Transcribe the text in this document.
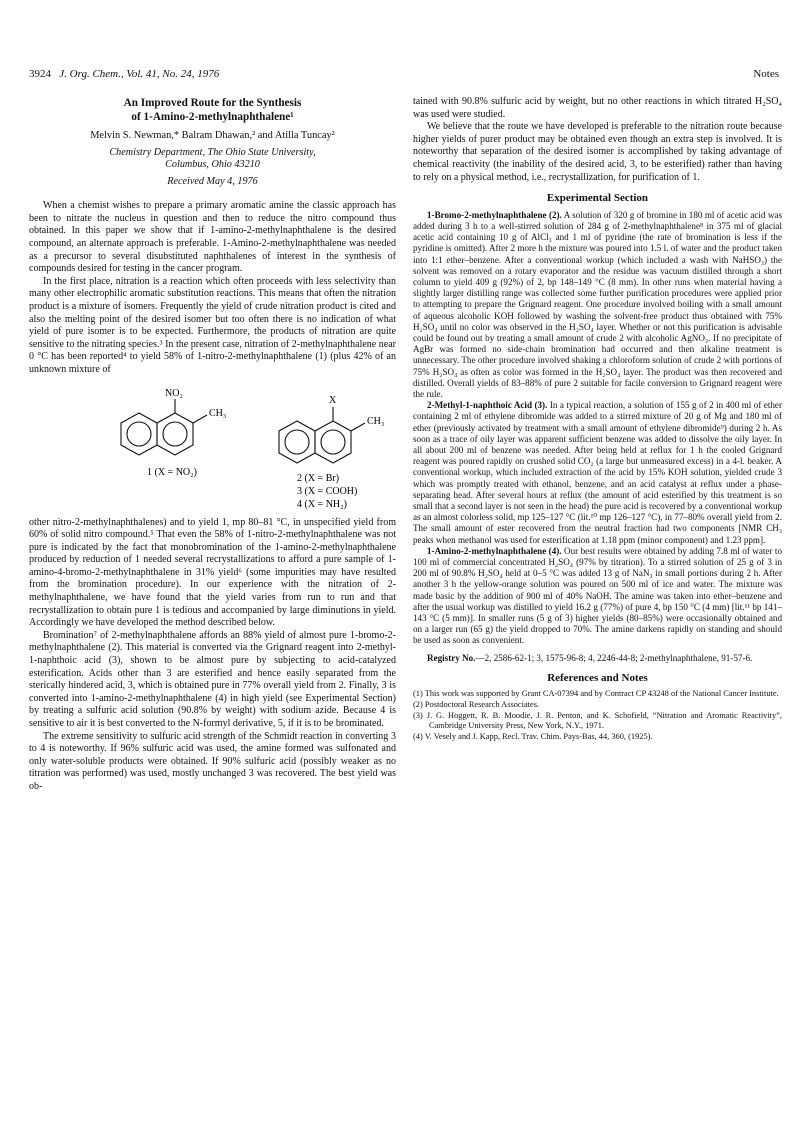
3924 J. Org. Chem., Vol. 41, No. 24, 1976	Notes
An Improved Route for the Synthesis
of 1-Amino-2-methylnaphthalene¹
Melvin S. Newman,* Balram Dhawan,² and Atilla Tuncay²
Chemistry Department, The Ohio State University,
Columbus, Ohio 43210
Received May 4, 1976

When a chemist wishes to prepare a primary aromatic amine the classic approach has been to nitrate the nucleus in question and then to reduce the nitro compound thus obtained. In this paper we show that if 1-amino-2-methylnaphthalene is the desired compound, an alternate approach is preferable. 1-Amino-2-methylnaphthalene was needed as a precursor to several disubstituted naphthalenes of interest in the synthesis of compounds desired for testing in the cancer program.

In the first place, nitration is a reaction which often proceeds with less selectivity than many other electrophilic aromatic substitution reactions. This means that often the nitration product is a mixture of isomers. Frequently the yield of crude nitration product is cited and also the melting point of the desired isomer but too often there is no indication of what yield of pure isomer is to be expected. Furthermore, the products of nitration are quite sensitive to the nitrating species.³ In the present case, nitration of 2-methylnaphthalene near 0 °C has been reported⁴ to yield 58% of 1-nitro-2-methylnaphthalene (1) (plus 42% of an unknown mixture of

NO₂
CH₃
1 (X = NO₂)
X
CH₃
2 (X = Br)
3 (X = COOH)
4 (X = NH₂)

other nitro-2-methylnaphthalenes) and to yield 1, mp 80–81 °C, in unspecified yield from 60% of solid nitro compound.⁵ That even the 58% of 1-nitro-2-methylnaphthalene was not pure is indicated by the fact that monobromination of the 1-amino-2-methylnaphthalene produced by reduction of 1 needed several recrystallizations to afford a pure sample of 1-amino-4-bromo-2-methylnaphthalene in 31% yield⁶ (some impurities may have resulted from the bromination procedure). In our experience with the nitration of 2-methylnaphthalene, we have found that the yield varies from run to run and that recrystallization to obtain pure 1 is tedious and accompanied by large diminutions in yield. Accordingly we have developed the method described below.

Bromination⁷ of 2-methylnaphthalene affords an 88% yield of almost pure 1-bromo-2-methylnaphthalene (2). This material is converted via the Grignard reagent into 2-methyl-1-naphthoic acid (3), shown to be almost pure by subjecting to acid-catalyzed esterification. Acids other than 3 are esterified and hence easily separated from the sterically hindered acid, 3, which is obtained pure in 77% overall yield from 2. Finally, 3 is converted into 1-amino-2-methylnaphthalene (4) in high yield (see Experimental Section) by treating a sulfuric acid solution (90.8% by weight) with sodium azide. Because 4 is sensitive to air it is best converted to the N-formyl derivative, 5, if it is to be brominated.

The extreme sensitivity to sulfuric acid strength of the Schmidt reaction in converting 3 to 4 is noteworthy. If 96% sulfuric acid was used, the amine formed was sulfonated and only water-soluble products were obtained. If 90% sulfuric acid (possibly weaker as no titration was performed) was used, mostly unchanged 3 was recovered. The best yield was ob-

tained with 90.8% sulfuric acid by weight, but no other reactions in which titrated H₂SO₄ was used were studied.

We believe that the route we have developed is preferable to the nitration route because higher yields of purer product may be obtained even though an extra step is involved. It is noteworthy that separation of the desired isomer is accomplished by taking advantage of chemical reactivity (the inability of the desired acid, 3, to be esterified) rather than having to rely on a physical method, i.e., recrystallization, for purification of 1.

Experimental Section

1-Bromo-2-methylnaphthalene (2). A solution of 320 g of bromine in 180 ml of acetic acid was added during 3 h to a well-stirred solution of 284 g of 2-methylnaphthalene⁸ in 375 ml of glacial acetic acid containing 10 g of AlCl₃ and 1 ml of pyridine (the rate of bromination is less if the pyridine is omitted). After 2 more h the mixture was poured into 1.5 l. of water and the product taken into 1:1 ether–benzene. After a conventional workup (which included a wash with NaHSO₃) the solvent was removed on a rotary evaporator and the residue was vacuum distilled through a short column to yield 409 g (92%) of 2, bp 148–149 °C (8 mm). In other runs when material having a slightly larger distilling range was collected some further purification procedures were applied prior to attempting to prepare the Grignard reagent. One procedure involved boiling with a small amount of aqueous alcoholic KOH followed by washing the solvent-free product thus obtained with 75% H₂SO₄ until no color was observed in the H₂SO₄ layer. Whether or not this purification is advisable could be found out by treating a small amount of crude 2 with alcoholic AgNO₃. If no precipitate of AgBr was formed no side-chain bromination had occurred and then alkaline treatment is unnecessary. The other procedure involved shaking a chloroform solution of crude 2 with portions of 75% H₂SO₄ as often as color was formed in the H₂SO₄ layer. The product was then recovered and distilled. Overall yields of 83–88% of pure 2 suitable for facile conversion to Grignard reagent were the rule.

2-Methyl-1-naphthoic Acid (3). In a typical reaction, a solution of 155 g of 2 in 400 ml of ether containing 2 ml of ethylene dibromide was added to a stirred mixture of 20 g of Mg and 180 ml of ether (previously activated by treatment with a small amount of ethylene dibromide⁹) during 2 h. As soon as a trace of oily layer was apparent sufficient benzene was added to dissolve the oily layer. In all about 200 ml of benzene was needed. After being held at reflux for 1 h the cooled Grignard reagent was poured rapidly on crushed solid CO₂ (a large but unmeasured excess) in a 4-l. beaker. A conventional workup, which included extraction of the acid by 15% KOH solution, yielded crude 3 which was promptly treated with ethanol, benzene, and an acid catalyst at reflux under a phase-separating head. After several hours at reflux (the amount of acid esterified by this treatment is so small that a second layer is not seen in the head) the pure acid is recovered by a conventional workup as an almost colorless solid, mp 125–127 °C (lit.¹⁰ mp 126–127 °C), in 77–80% overall yield from 2. The small amount of ester recovered from the neutral fraction had two components [NMR CH₃ peaks when methanol was used for esterification at 1.18 ppm (minor component) and 1.23 ppm].

1-Amino-2-methylnaphthalene (4). Our best results were obtained by adding 7.8 ml of water to 100 ml of commercial concentrated H₂SO₄ (97% by titration). To a stirred solution of 25 g of 3 in 200 ml of 90.8% H₂SO₄ held at 0–5 °C was added 13 g of NaN₃ in small portions during 2 h. After another 3 h the yellow-orange solution was poured on 500 ml of ice and water. The mixture was made basic by the addition of 900 ml of 40% NaOH. The amine was taken into ether–benzene and after the usual workup was distilled to yield 16.2 g (77%) of pure 4, bp 150 °C (4 mm) [lit.¹¹ bp 141–143 °C (5 mm)]. In smaller runs (5 g of 3) higher yields (80–85%) were occasionally obtained and on a larger run (65 g) the yield dropped to 70%. The amine darkens rapidly on standing and should be used as soon as convenient.

Registry No.—2, 2586-62-1; 3, 1575-96-8; 4, 2246-44-8; 2-methylnaphthalene, 91-57-6.
References and Notes
(1) This work was supported by Grant CA-07394 and by Contract CP 43248 of the National Cancer Institute.
(2) Postdoctoral Research Associates.
(3) J. G. Hoggett, R. B. Moodie, J. R. Penton, and K. Schofield, “Nitration and Aromatic Reactivity”, Cambridge University Press, New York, N.Y., 1971.
(4) V. Vesely and J. Kapp, Recl. Trav. Chim. Pays-Bas, 44, 360, (1925).
